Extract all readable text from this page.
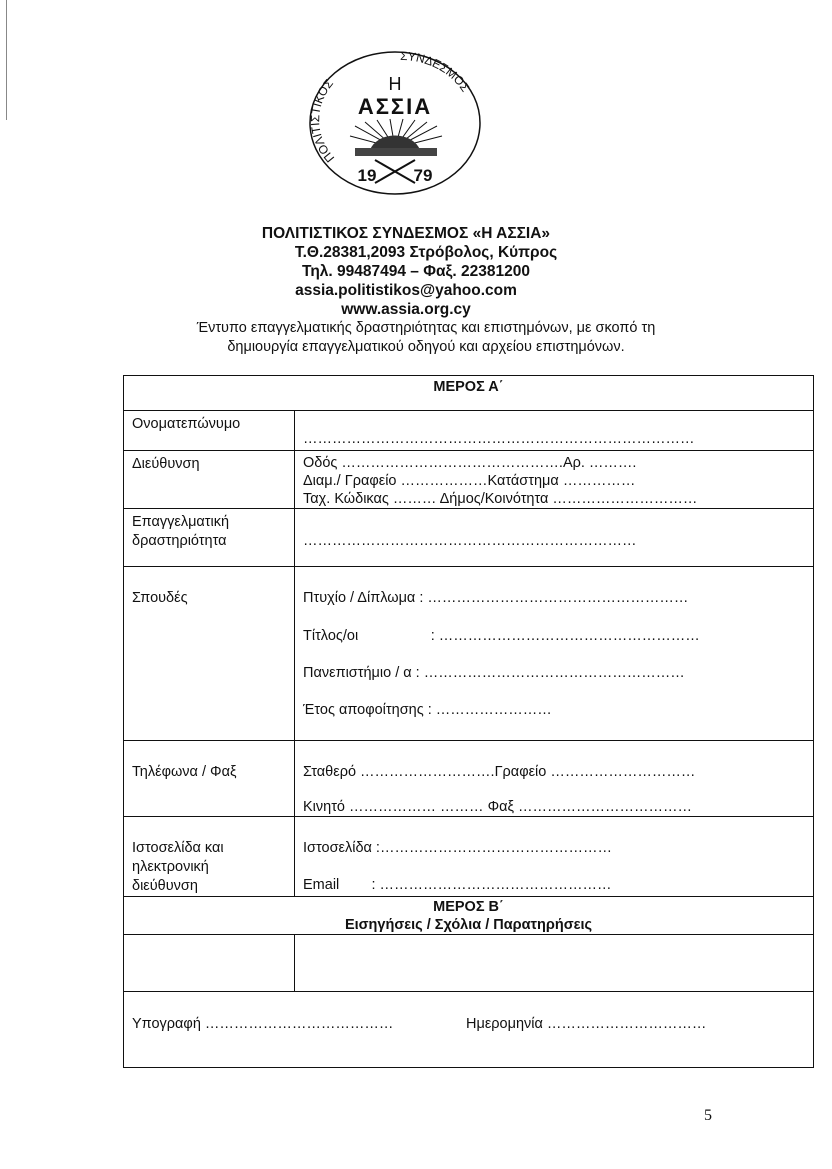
ΠΟΛΙΤΙΣΤΙΚΟΣ
ΣΥΝΔΕΣΜΟΣ
Η
ΑΣΣΙΑ
19 79
ΠΟΛΙΤΙΣΤΙΚΟΣ ΣΥΝΔΕΣΜΟΣ «Η ΑΣΣΙΑ»
Τ.Θ.28381,2093 Στρόβολος, Κύπρος
Τηλ. 99487494 – Φαξ. 22381200
assia.politistikos@yahoo.com
www.assia.org.cy
Έντυπο επαγγελματικής δραστηριότητας και επιστημόνων, με σκοπό τη
δημιουργία επαγγελματικού οδηγού και αρχείου επιστημόνων.
ΜΕΡΟΣ Α΄
Ονοματεπώνυμο
………………………………………………………………………
Διεύθυνση	Οδός ……………………………………….Αρ. ……….
Διαμ./ Γραφείο ………………Κατάστημα ……………
Ταχ. Κώδικας ……… Δήμος/Κοινότητα …………………………
Επαγγελματική
δραστηριότητα	……………………………………………………………
Σπουδές	Πτυχίο / Δίπλωμα : ………………………………………………
Τίτλος/οι                  : ………………………………………………
Πανεπιστήμιο / α : ………………………………………………
Έτος αποφοίτησης : ……………………
Τηλέφωνα / Φαξ	Σταθερό ……………………….Γραφείο …………………………
Κινητό ……………… ……… Φαξ ………………………………
Ιστοσελίδα και
ηλεκτρονική
διεύθυνση
Ιστοσελίδα :…………………………………………
Email        : …………………………………………
ΜΕΡΟΣ Β΄
Εισηγήσεις / Σχόλια / Παρατηρήσεις
Υπογραφή …………………………………	Ημερομηνία ……………………………
5
